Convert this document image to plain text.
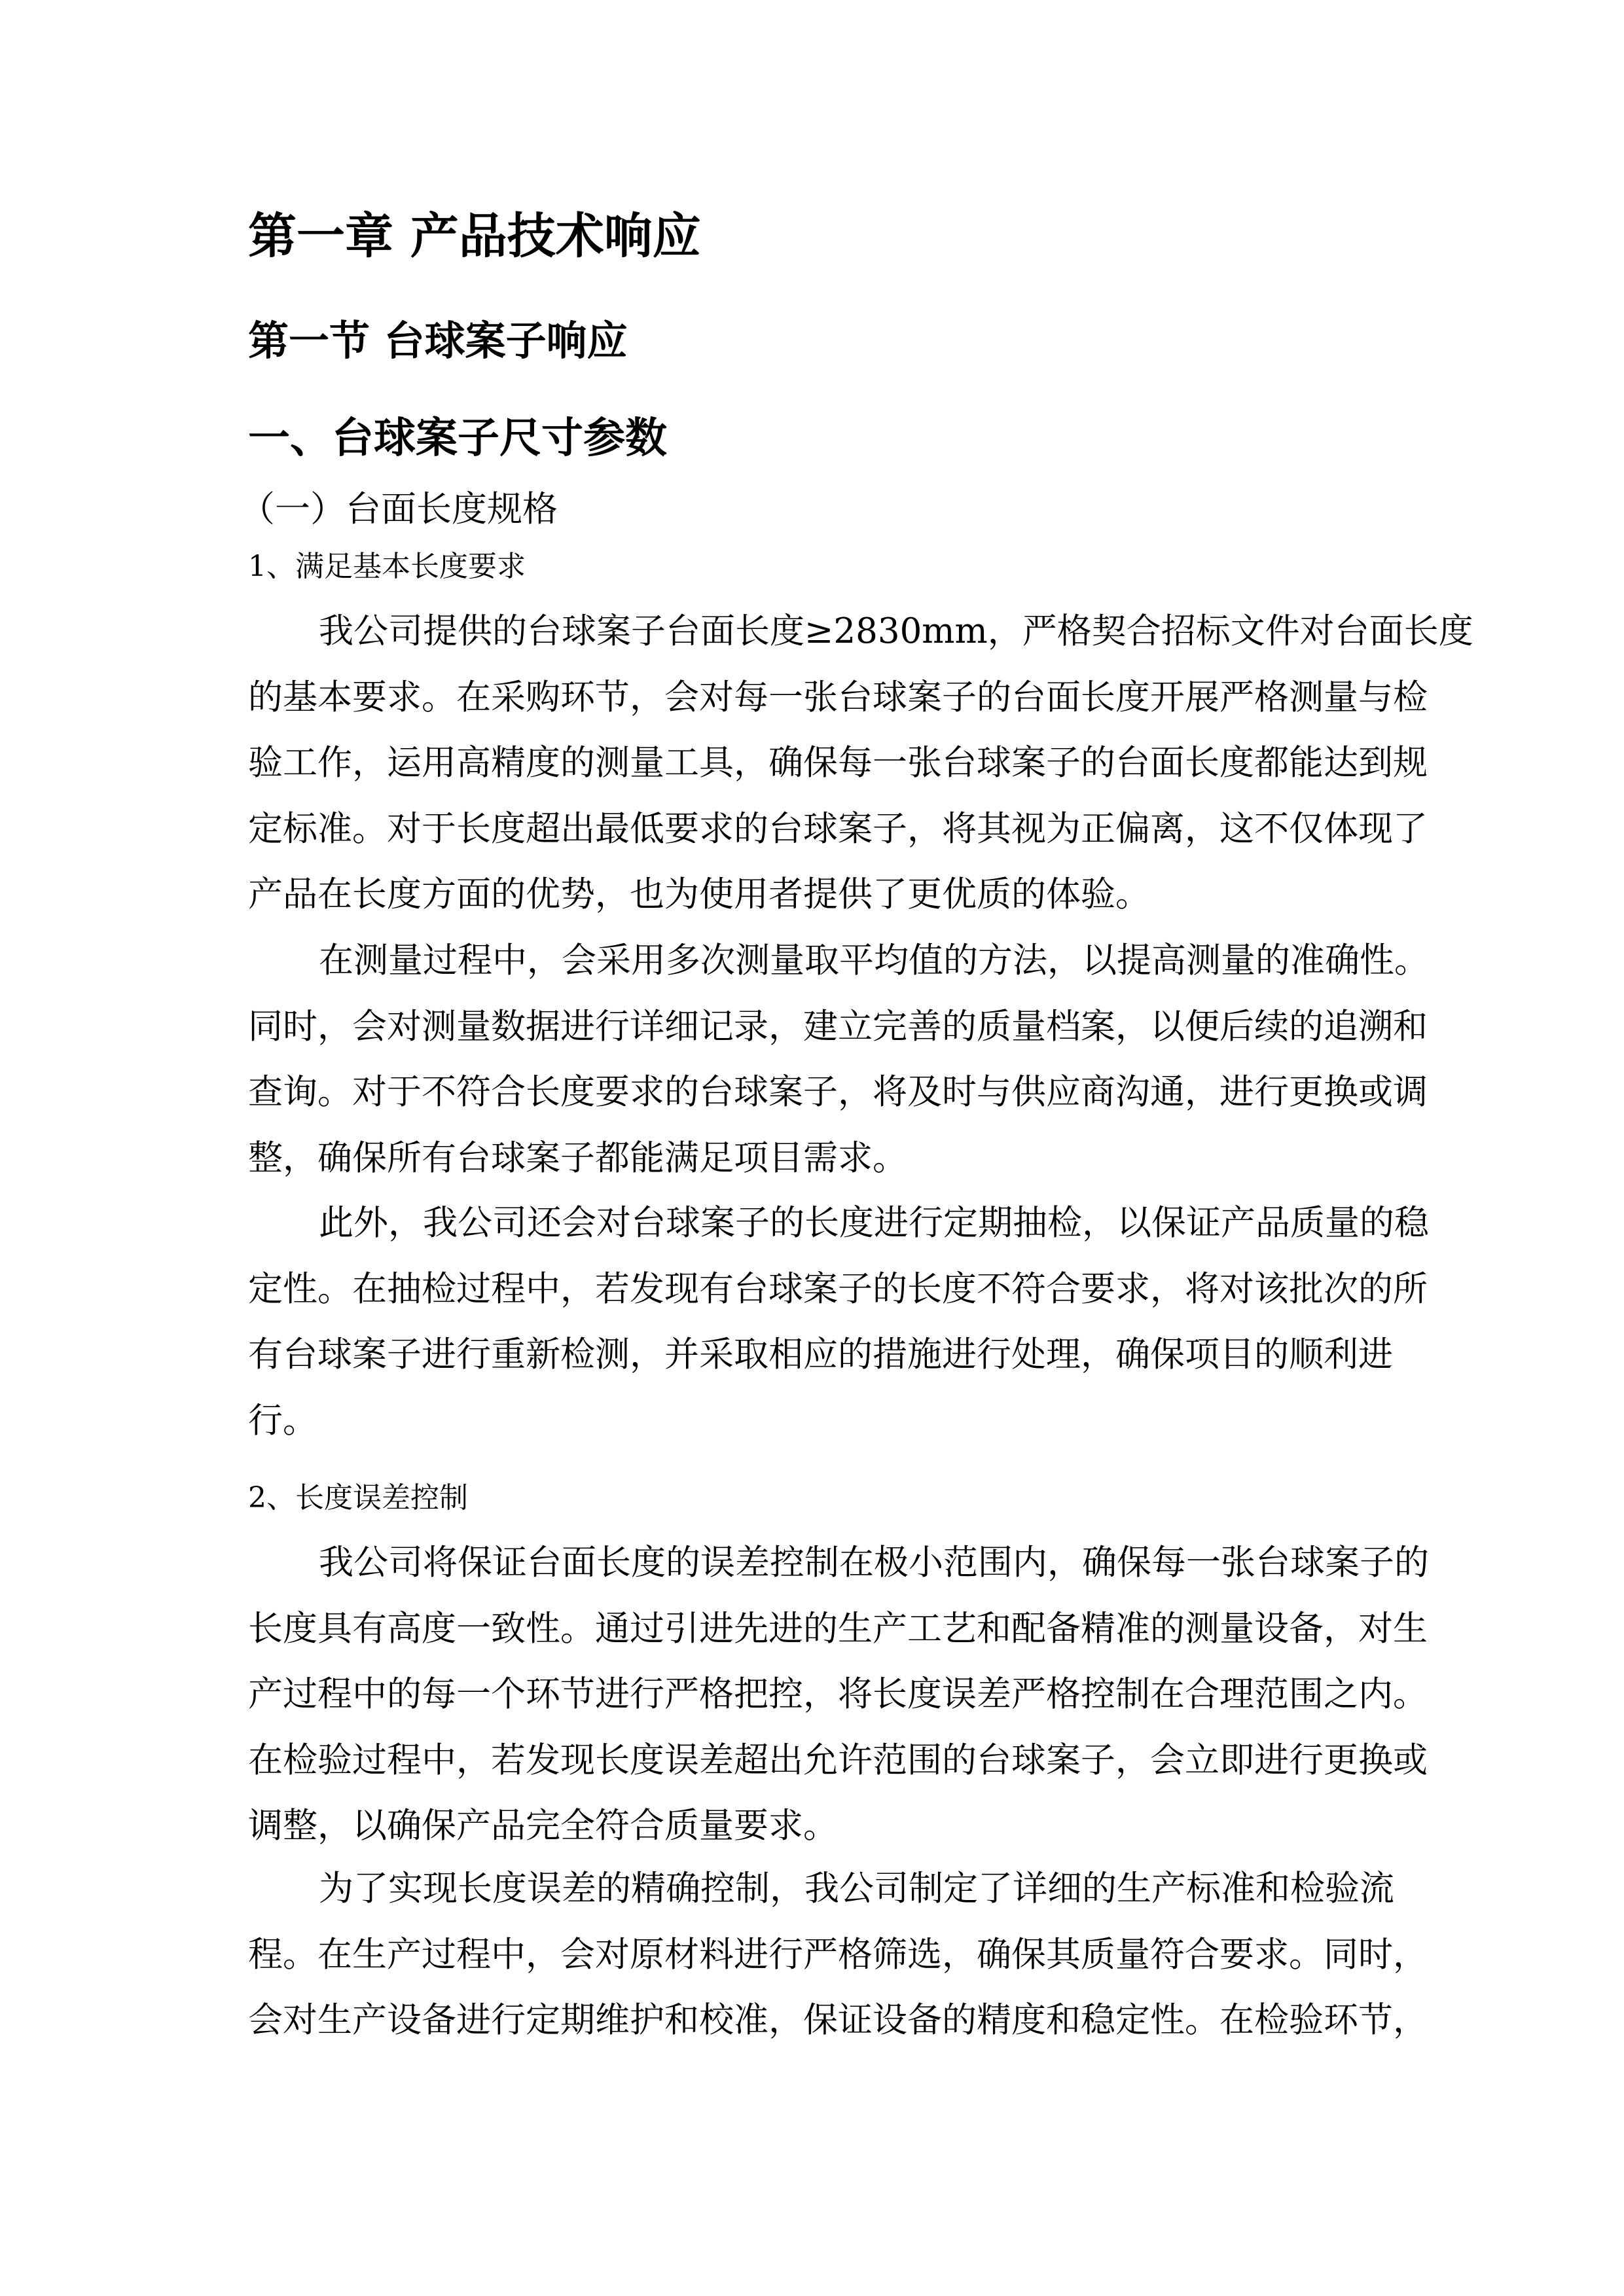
第一章 产品技术响应
第一节 台球案子响应
一、台球案子尺寸参数
（一）台面长度规格
1、满足基本长度要求
我公司提供的台球案子台面长度≥2830mm，严格契合招标文件对台面长度
的基本要求。在采购环节，会对每一张台球案子的台面长度开展严格测量与检
验工作，运用高精度的测量工具，确保每一张台球案子的台面长度都能达到规
定标准。对于长度超出最低要求的台球案子，将其视为正偏离，这不仅体现了
产品在长度方面的优势，也为使用者提供了更优质的体验。
在测量过程中，会采用多次测量取平均值的方法，以提高测量的准确性。
同时，会对测量数据进行详细记录，建立完善的质量档案，以便后续的追溯和
查询。对于不符合长度要求的台球案子，将及时与供应商沟通，进行更换或调
整，确保所有台球案子都能满足项目需求。
此外，我公司还会对台球案子的长度进行定期抽检，以保证产品质量的稳
定性。在抽检过程中，若发现有台球案子的长度不符合要求，将对该批次的所
有台球案子进行重新检测，并采取相应的措施进行处理，确保项目的顺利进
行。
2、长度误差控制
我公司将保证台面长度的误差控制在极小范围内，确保每一张台球案子的
长度具有高度一致性。通过引进先进的生产工艺和配备精准的测量设备，对生
产过程中的每一个环节进行严格把控，将长度误差严格控制在合理范围之内。
在检验过程中，若发现长度误差超出允许范围的台球案子，会立即进行更换或
调整，以确保产品完全符合质量要求。
为了实现长度误差的精确控制，我公司制定了详细的生产标准和检验流
程。在生产过程中，会对原材料进行严格筛选，确保其质量符合要求。同时，
会对生产设备进行定期维护和校准，保证设备的精度和稳定性。在检验环节，
